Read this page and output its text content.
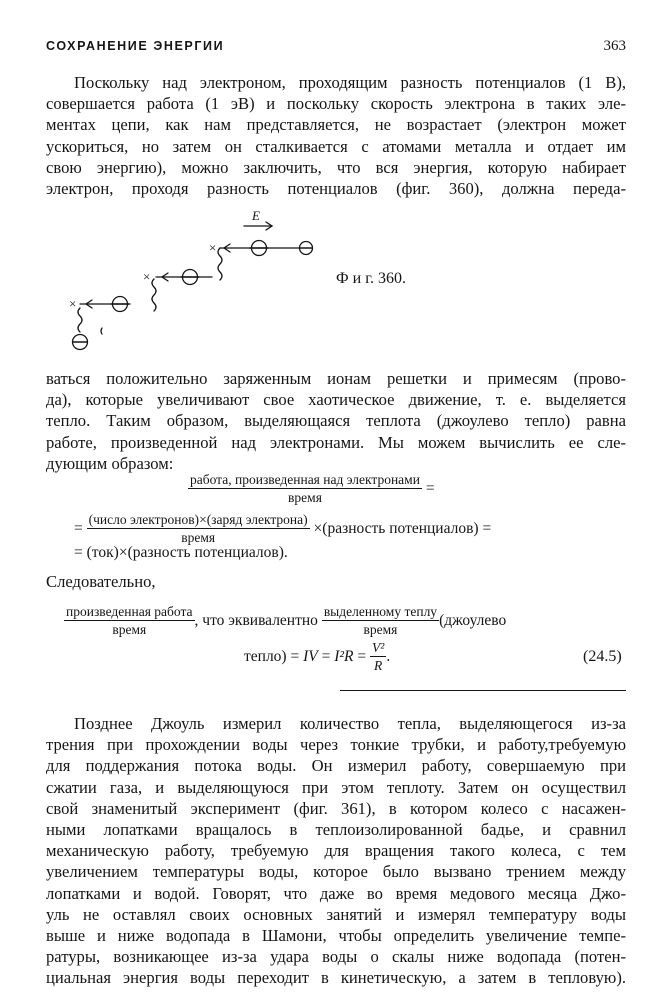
СОХРАНЕНИЕ ЭНЕРГИИ	363
Поскольку над электроном, проходящим разность потенциалов (1 В),
совершается работа (1 эВ) и поскольку скорость электрона в таких эле-
ментах цепи, как нам представляется, не возрастает (электрон может
ускориться, но затем он сталкивается с атомами металла и отдает им
свою энергию), можно заключить, что вся энергия, которую набирает
электрон, проходя разность потенциалов (фиг. 360), должна переда-
E
×
×
×
Ф и г. 360.
ваться положительно заряженным ионам решетки и примесям (прово-
да), которые увеличивают свое хаотическое движение, т. е. выделяется
тепло. Таким образом, выделяющаяся теплота (джоулево тепло) равна
работе, произведенной над электронами. Мы можем вычислить ее сле-
дующим образом:
$\frac{\text{работа, произведенная над электронами}}{\text{время}}$ =
= $\frac{\text{(число электронов)×(заряд электрона)}}{\text{время}}$ ×(разность потенциалов) =
= (ток)×(разность потенциалов).
Следовательно,
$\frac{\text{произведенная работа}}{\text{время}}$ , что эквивалентно $\frac{\text{выделенному теплу}}{\text{время}}$ (джоулево
тепло) = IV = $I^2R = \frac{\text{V²}}{R}$ .	(24.5)
Позднее Джоуль измерил количество тепла, выделяющегося из-за
трения при прохождении воды через тонкие трубки, и работу,требуемую
для поддержания потока воды. Он измерил работу, совершаемую при
сжатии газа, и выделяющуюся при этом теплоту. Затем он осуществил
свой знаменитый эксперимент (фиг. 361), в котором колесо с насажен-
ными лопатками вращалось в теплоизолированной бадье, и сравнил
механическую работу, требуемую для вращения такого колеса, с тем
увеличением температуры воды, которое было вызвано трением между
лопатками и водой. Говорят, что даже во время медового месяца Джо-
уль не оставлял своих основных занятий и измерял температуру воды
выше и ниже водопада в Шамони, чтобы определить увеличение темпе-
ратуры, возникающее из-за удара воды о скалы ниже водопада (потен-
циальная энергия воды переходит в кинетическую, а затем в тепловую).
